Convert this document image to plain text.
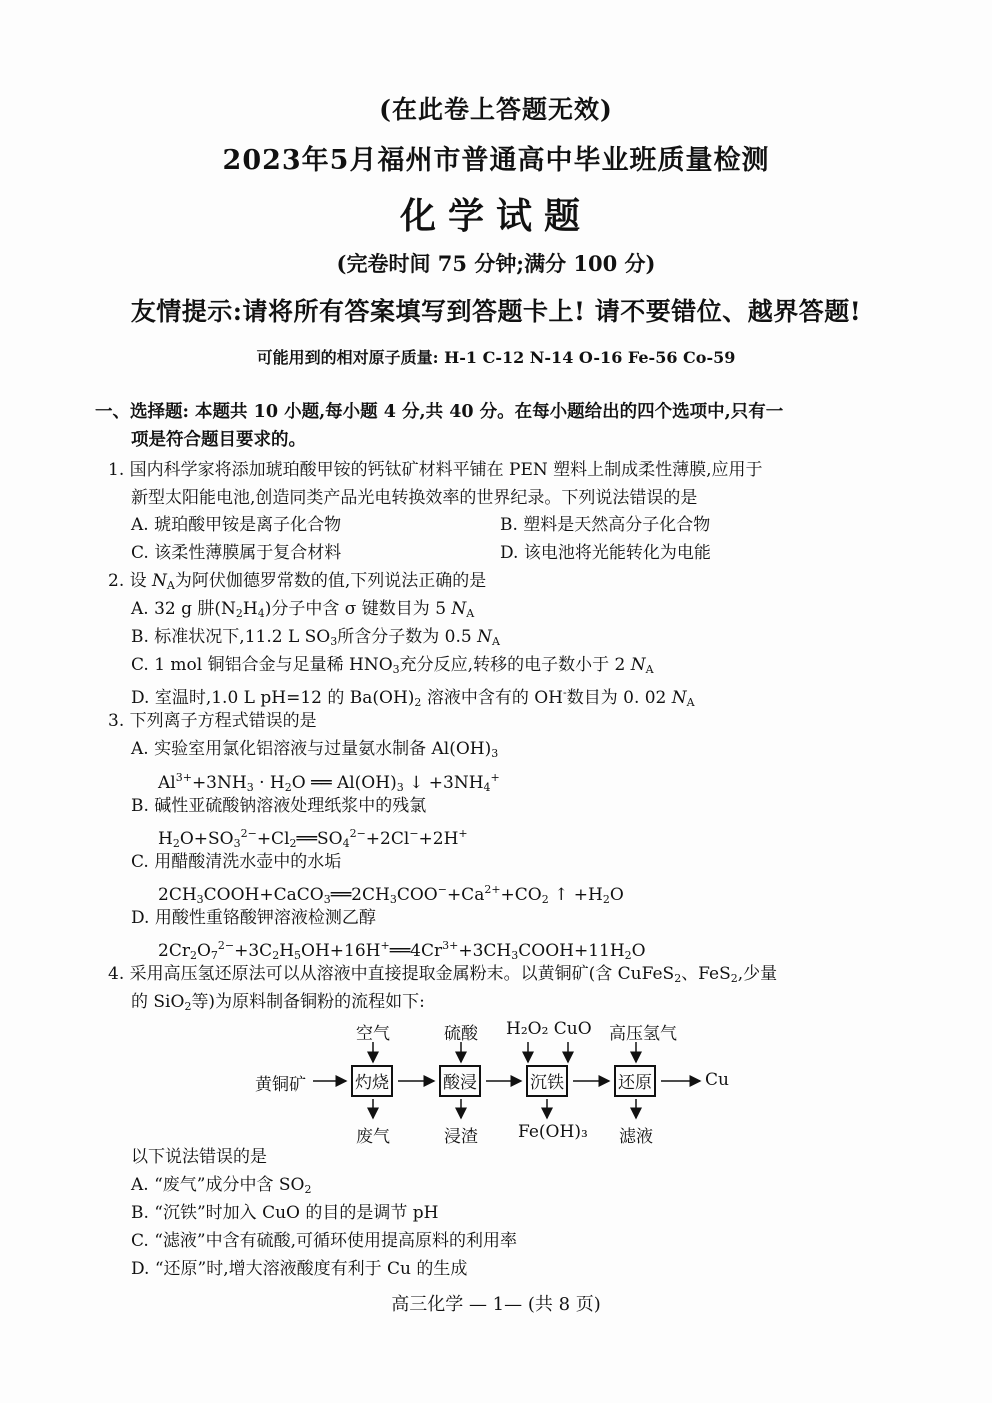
(在此卷上答题无效)
2023年5月福州市普通高中毕业班质量检测
化学试题
(完卷时间 75 分钟;满分 100 分)
友情提示:请将所有答案填写到答题卡上! 请不要错位、越界答题!
可能用到的相对原子质量: H-1 C-12 N-14 O-16 Fe-56 Co-59
一、选择题: 本题共 10 小题,每小题 4 分,共 40 分。在每小题给出的四个选项中,只有一
项是符合题目要求的。
1. 国内科学家将添加琥珀酸甲铵的钙钛矿材料平铺在 PEN 塑料上制成柔性薄膜,应用于
新型太阳能电池,创造同类产品光电转换效率的世界纪录。下列说法错误的是
A. 琥珀酸甲铵是离子化合物	B. 塑料是天然高分子化合物
C. 该柔性薄膜属于复合材料	D. 该电池将光能转化为电能
2. 设 $N_A$为阿伏伽德罗常数的值,下列说法正确的是
A. 32 g 肼$(N_2H_4)$分子中含 σ 键数目为 5 $N_A$
B. 标准状况下,11.2 L $SO_3$所含分子数为 0.5 $N_A$
C. 1 mol 铜铝合金与足量稀 $HNO_3$充分反应,转移的电子数小于 2 $N_A$
D. 室温时,1.0 L pH=12 的 $Ba(OH)_2$ 溶液中含有的 OH-数目为 0. 02 $N_A$
3. 下列离子方程式错误的是
A. 实验室用氯化铝溶液与过量氨水制备 $Al(OH)_3$
$Al^{3+}+3NH_3 \cdot H_2O$ ══ $Al(OH)_3$ ↓ $+3NH_4^+$
B. 碱性亚硫酸钠溶液处理纸浆中的残氯
$H_2O+SO_3^{2-}+Cl_2══SO_4^{2-}+2Cl^-+2H^+$
C. 用醋酸清洗水壶中的水垢
$2CH_3COOH+CaCO_3══2CH_3COO^-+Ca^{2+}+CO_2$ ↑ $+H_2O$
D. 用酸性重铬酸钾溶液检测乙醇
$2Cr_2O_7^{2-}+3C_2H_5OH+16H^+══4Cr^{3+}+3CH_3COOH+11H_2O$
4. 采用高压氢还原法可以从溶液中直接提取金属粉末。以黄铜矿(含 CuFeS$_2$、FeS$_2$,少量
的 SiO$_2$等)为原料制备铜粉的流程如下:
黄铜矿	灼烧	酸浸	沉铁	还原	Cu
空气	硫酸 H₂O₂ CuO 高压氢气
废气	浸渣 Fe(OH)₃ 滤液
以下说法错误的是
A. “废气”成分中含 $SO_2$
B. “沉铁”时加入 CuO 的目的是调节 pH
C. “滤液”中含有硫酸,可循环使用提高原料的利用率
D. “还原”时,增大溶液酸度有利于 Cu 的生成
高三化学 — 1— (共 8 页)
